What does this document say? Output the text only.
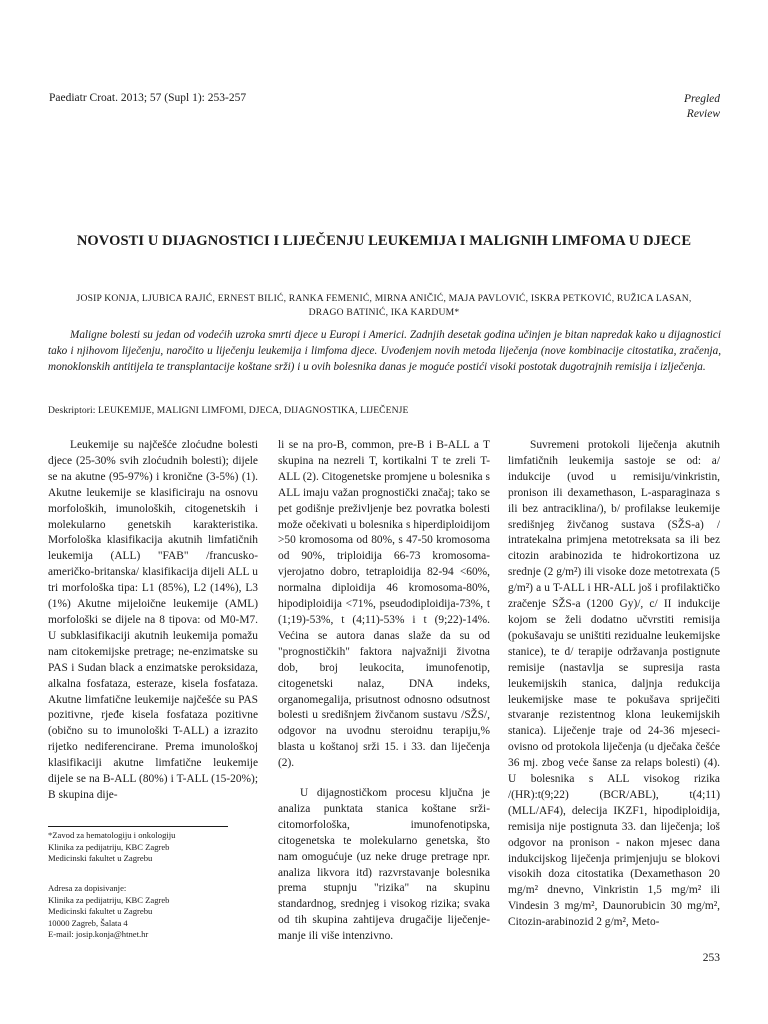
Paediatr Croat. 2013; 57 (Supl 1): 253-257	Pregled
Review
NOVOSTI U DIJAGNOSTICI I LIJEČENJU LEUKEMIJA I MALIGNIH LIMFOMA U DJECE
JOSIP KONJA, LJUBICA RAJIĆ, ERNEST BILIĆ, RANKA FEMENIĆ, MIRNA ANIČIĆ, MAJA PAVLOVIĆ, ISKRA PETKOVIĆ, RUŽICA LASAN, DRAGO BATINIĆ, IKA KARDUM*
Maligne bolesti su jedan od vodećih uzroka smrti djece u Europi i Americi. Zadnjih desetak godina učinjen je bitan napredak kako u dijagnostici tako i njihovom liječenju, naročito u liječenju leukemija i limfoma djece. Uvođenjem novih metoda liječenja (nove kombinacije citostatika, zračenja, monoklonskih antitijela te transplantacije koštane srži) i u ovih bolesnika danas je moguće postići visoki postotak dugotrajnih remisija i izlječenja.
Deskriptori: LEUKEMIJE, MALIGNI LIMFOMI, DJECA, DIJAGNOSTIKA, LIJEČENJE

Leukemije su najčešće zloćudne bolesti djece (25-30% svih zloćudnih bolesti); dijele se na akutne (95-97%) i kronične (3-5%) (1). Akutne leukemije se klasificiraju na osnovu morfoloških, imunoloških, citogenetskih i molekularno genetskih karakteristika. Morfološka klasifikacija akutnih limfatičnih leukemija (ALL) "FAB" /francusko-američko-britanska/ klasifikacija dijeli ALL u tri morfološka tipa: L1 (85%), L2 (14%), L3 (1%) Akutne mijeloične leukemije (AML) morfološki se dijele na 8 tipova: od M0-M7. U subklasifikaciji akutnih leukemija pomažu nam citokemijske pretrage; ne-enzimatske su PAS i Sudan black a enzimatske peroksidaza, alkalna fosfataza, esteraze, kisela fosfataza. Akutne limfatične leukemije najčešće su PAS pozitivne, rjeđe kisela fosfataza pozitivne (obično su to imunološki T-ALL) a izrazito rijetko nediferencirane. Prema imunološkoj klasifikaciji akutne limfatične leukemije dijele se na B-ALL (80%) i T-ALL (15-20%); B skupina dije-

li se na pro-B, common, pre-B i B-ALL a T skupina na nezreli T, kortikalni T te zreli T-ALL (2). Citogenetske promjene u bolesnika s ALL imaju važan prognostički značaj; tako se pet godišnje preživljenje bez povratka bolesti može očekivati u bolesnika s hiperdiploidijom >50 kromosoma od 80%, s 47-50 kromosoma od 90%, triploidija 66-73 kromosoma-vjerojatno dobro, tetraploidija 82-94 <60%, normalna diploidija 46 kromosoma-80%, hipodiploidija <71%, pseudodiploidija-73%, t (1;19)-53%, t (4;11)-53% i t (9;22)-14%. Većina se autora danas slaže da su od "prognostičkih" faktora najvažniji životna dob, broj leukocita, imunofenotip, citogenetski nalaz, DNA indeks, organomegalija, prisutnost odnosno odsutnost bolesti u središnjem živčanom sustavu /SŽS/, odgovor na uvodnu steroidnu terapiju,% blasta u koštanoj srži 15. i 33. dan liječenja (2).

U dijagnostičkom procesu ključna je analiza punktata stanica koštane srži- citomorfološka, imunofenotipska, citogenetska te molekularno genetska, što nam omogućuje (uz neke druge pretrage npr. analiza likvora itd) razvrstavanje bolesnika prema stupnju "rizika" na skupinu standardnog, srednjeg i visokog rizika; svaka od tih skupina zahtijeva drugačije liječenje-manje ili više intenzivno.

Suvremeni protokoli liječenja akutnih limfatičnih leukemija sastoje se od: a/ indukcije (uvod u remisiju/vinkristin, pronison ili dexamethason, L-asparaginaza s ili bez antraciklina/), b/ profilakse leukemije središnjeg živčanog sustava (SŽS-a) / intratekalna primjena metotreksata sa ili bez citozin arabinozida te hidrokortizona uz srednje (2 g/m²) ili visoke doze metotrexata (5 g/m²) a u T-ALL i HR-ALL još i profilaktičko zračenje SŽS-a (1200 Gy)/, c/ II indukcije kojom se želi dodatno učvrstiti remisija (pokušavaju se uništiti rezidualne leukemijske stanice), te d/ terapije održavanja postignute remisije (nastavlja se supresija rasta leukemijskih stanica, daljnja redukcija leukemijske mase te pokušava spriječiti stvaranje rezistentnog klona leukemijskih stanica). Liječenje traje od 24-36 mjeseci-ovisno od protokola liječenja (u dječaka češće 36 mj. zbog veće šanse za relaps bolesti) (4). U bolesnika s ALL visokog rizika /(HR):t(9;22) (BCR/ABL), t(4;11) (MLL/AF4), delecija IKZF1, hipodiploidija, remisija nije postignuta 33. dan liječenja; loš odgovor na pronison - nakon mjesec dana indukcijskog liječenja primjenjuju se blokovi visokih doza citostatika (Dexamethason 20 mg/m² dnevno, Vinkristin 1,5 mg/m² ili Vindesin 3 mg/m², Daunorubicin 30 mg/m², Citozin-arabinozid 2 g/m², Meto-

*Zavod za hematologiju i onkologiju
Klinika za pedijatriju, KBC Zagreb
Medicinski fakultet u Zagrebu
Adresa za dopisivanje:
Klinika za pedijatriju, KBC Zagreb
Medicinski fakultet u Zagrebu
10000 Zagreb, Šalata 4
E-mail: josip.konja@htnet.hr
253
